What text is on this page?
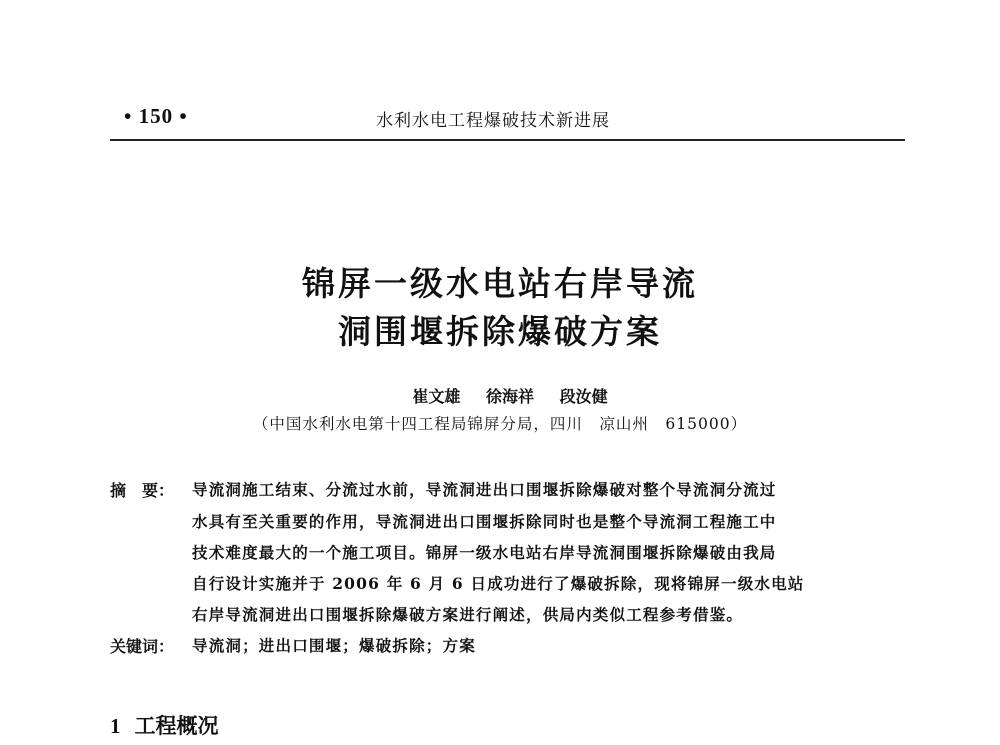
• 150 •	水利水电工程爆破技术新进展
锦屏一级水电站右岸导流
洞围堰拆除爆破方案
崔文雄 徐海祥 段汝健
（中国水利水电第十四工程局锦屏分局，四川　凉山州　615000）
摘　要： 导流洞施工结束、分流过水前，导流洞进出口围堰拆除爆破对整个导流洞分流过
水具有至关重要的作用，导流洞进出口围堰拆除同时也是整个导流洞工程施工中
技术难度最大的一个施工项目。锦屏一级水电站右岸导流洞围堰拆除爆破由我局
自行设计实施并于 2006 年 6 月 6 日成功进行了爆破拆除，现将锦屏一级水电站
右岸导流洞进出口围堰拆除爆破方案进行阐述，供局内类似工程参考借鉴。
关键词： 导流洞；进出口围堰；爆破拆除；方案
1 工程概况
